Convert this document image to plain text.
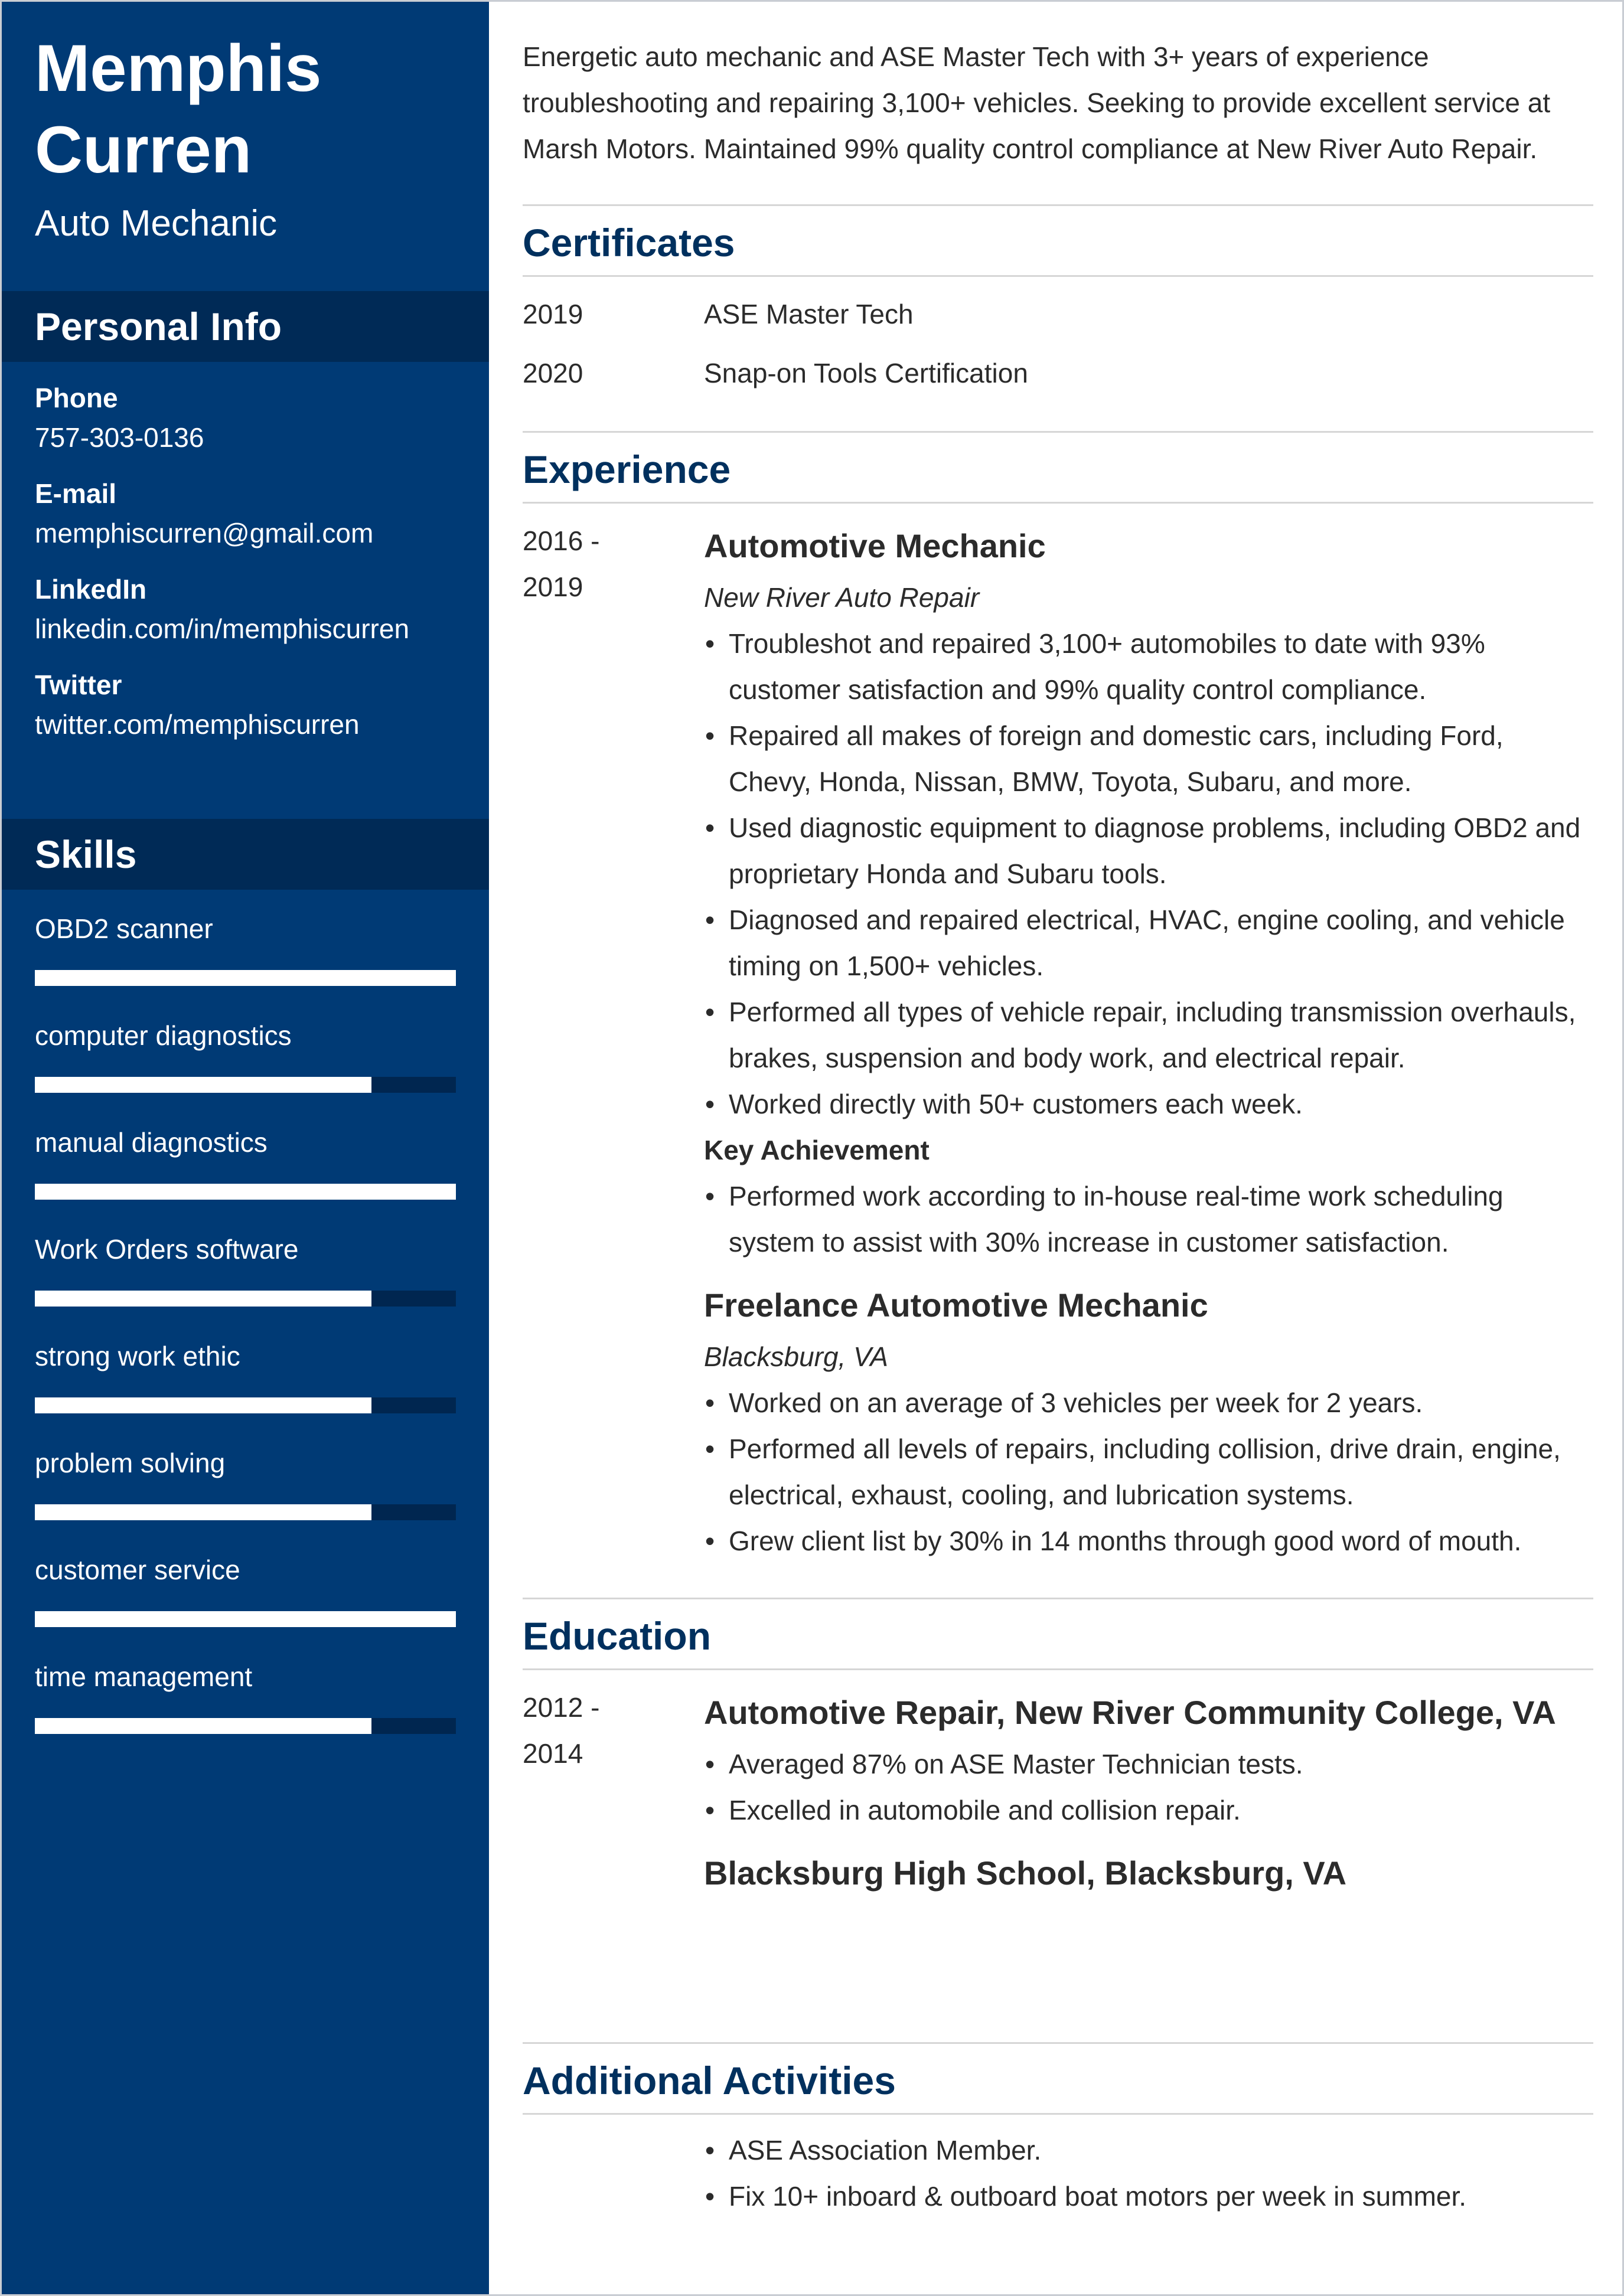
Memphis
Curren
Auto Mechanic
Personal Info
Phone
757-303-0136
E-mail
memphiscurren@gmail.com
LinkedIn
linkedin.com/in/memphiscurren
Twitter
twitter.com/memphiscurren
Skills
OBD2 scanner
computer diagnostics
manual diagnostics
Work Orders software
strong work ethic
problem solving
customer service
time management

Energetic auto mechanic and ASE Master Tech with 3+ years of experience troubleshooting and repairing 3,100+ vehicles. Seeking to provide excellent service at Marsh Motors. Maintained 99% quality control compliance at New River Auto Repair.

Certificates
2019	ASE Master Tech
2020	Snap-on Tools Certification
Experience
2016 -
2019
Automotive Mechanic
New River Auto Repair
• Troubleshot and repaired 3,100+ automobiles to date with 93% customer satisfaction and 99% quality control compliance.
• Repaired all makes of foreign and domestic cars, including Ford, Chevy, Honda, Nissan, BMW, Toyota, Subaru, and more.
• Used diagnostic equipment to diagnose problems, including OBD2 and proprietary Honda and Subaru tools.
• Diagnosed and repaired electrical, HVAC, engine cooling, and vehicle timing on 1,500+ vehicles.
• Performed all types of vehicle repair, including transmission overhauls, brakes, suspension and body work, and electrical repair.
• Worked directly with 50+ customers each week.
Key Achievement
• Performed work according to in-house real-time work scheduling system to assist with 30% increase in customer satisfaction.
Freelance Automotive Mechanic
Blacksburg, VA
• Worked on an average of 3 vehicles per week for 2 years.
• Performed all levels of repairs, including collision, drive drain, engine, electrical, exhaust, cooling, and lubrication systems.
• Grew client list by 30% in 14 months through good word of mouth.
Education
2012 -
2014
Automotive Repair, New River Community College, VA
• Averaged 87% on ASE Master Technician tests.
• Excelled in automobile and collision repair.
Blacksburg High School, Blacksburg, VA
Additional Activities
• ASE Association Member.
• Fix 10+ inboard & outboard boat motors per week in summer.
